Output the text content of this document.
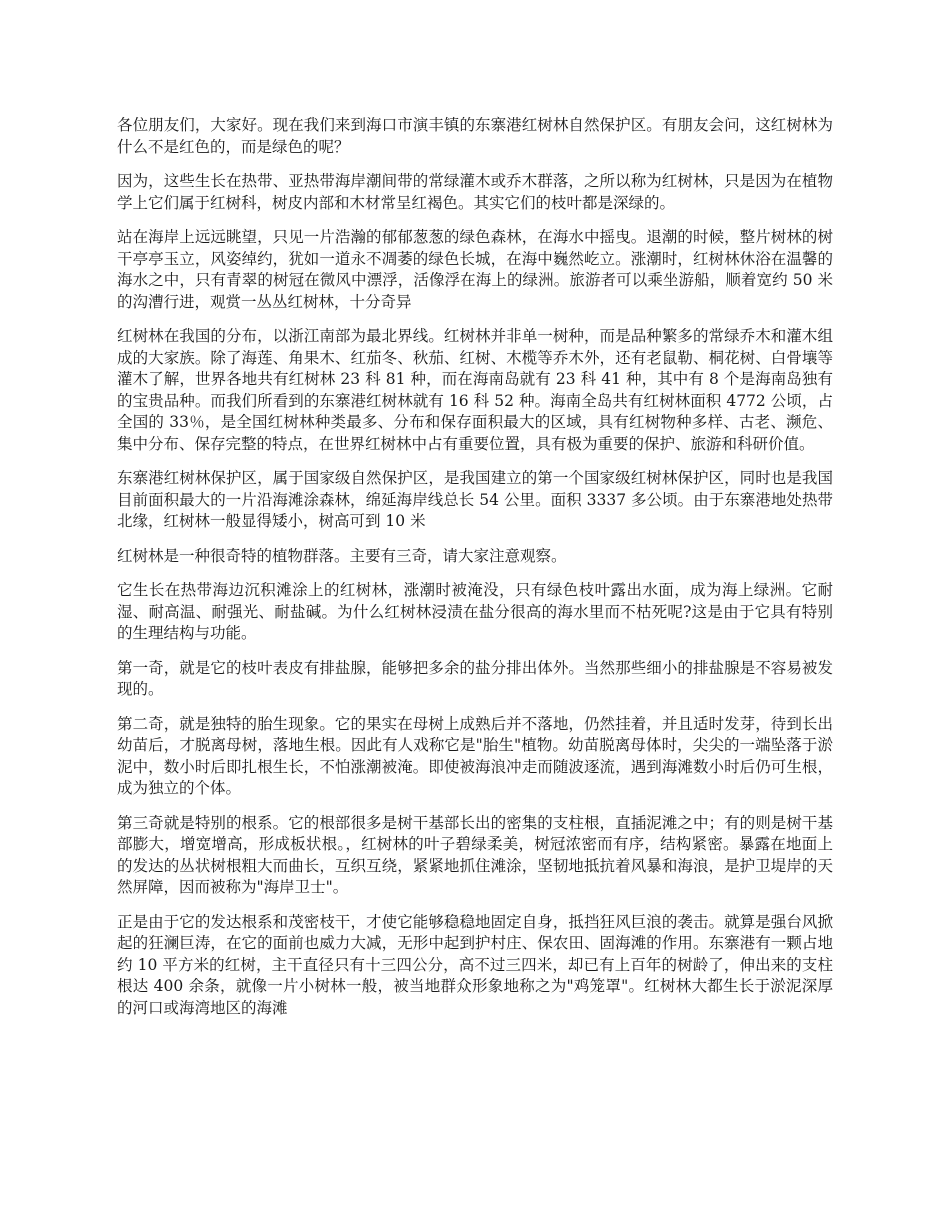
各位朋友们，大家好。现在我们来到海口市演丰镇的东寨港红树林自然保护区。有朋友会问，这红树林为什么不是红色的，而是绿色的呢？

因为，这些生长在热带、亚热带海岸潮间带的常绿灌木或乔木群落，之所以称为红树林，只是因为在植物学上它们属于红树科，树皮内部和木材常呈红褐色。其实它们的枝叶都是深绿的。

站在海岸上远远眺望，只见一片浩瀚的郁郁葱葱的绿色森林，在海水中摇曳。退潮的时候，整片树林的树干亭亭玉立，风姿绰约，犹如一道永不凋萎的绿色长城，在海中巍然屹立。涨潮时，红树林休浴在温馨的海水之中，只有青翠的树冠在微风中漂浮，活像浮在海上的绿洲。旅游者可以乘坐游船，顺着宽约 50 米的沟漕行进，观赏一丛丛红树林，十分奇异

红树林在我国的分布，以浙江南部为最北界线。红树林并非单一树种，而是品种繁多的常绿乔木和灌木组成的大家族。除了海莲、角果木、红茄冬、秋茄、红树、木榄等乔木外，还有老鼠勒、桐花树、白骨壤等灌木了解，世界各地共有红树林 23 科 81 种，而在海南岛就有 23 科 41 种，其中有 8 个是海南岛独有的宝贵品种。而我们所看到的东寨港红树林就有 16 科 52 种。海南全岛共有红树林面积 4772 公顷，占全国的 33％，是全国红树林种类最多、分布和保存面积最大的区域，具有红树物种多样、古老、濒危、集中分布、保存完整的特点，在世界红树林中占有重要位置，具有极为重要的保护、旅游和科研价值。

东寨港红树林保护区，属于国家级自然保护区，是我国建立的第一个国家级红树林保护区，同时也是我国目前面积最大的一片沿海滩涂森林，绵延海岸线总长 54 公里。面积 3337 多公顷。由于东寨港地处热带北缘，红树林一般显得矮小，树高可到 10 米

红树林是一种很奇特的植物群落。主要有三奇，请大家注意观察。

它生长在热带海边沉积滩涂上的红树林，涨潮时被淹没，只有绿色枝叶露出水面，成为海上绿洲。它耐湿、耐高温、耐强光、耐盐碱。为什么红树林浸渍在盐分很高的海水里而不枯死呢?这是由于它具有特别的生理结构与功能。

第一奇，就是它的枝叶表皮有排盐腺，能够把多余的盐分排出体外。当然那些细小的排盐腺是不容易被发现的。

第二奇，就是独特的胎生现象。它的果实在母树上成熟后并不落地，仍然挂着，并且适时发芽，待到长出幼苗后，才脱离母树，落地生根。因此有人戏称它是"胎生"植物。幼苗脱离母体时，尖尖的一端坠落于淤泥中，数小时后即扎根生长，不怕涨潮被淹。即使被海浪冲走而随波逐流，遇到海滩数小时后仍可生根，成为独立的个体。

第三奇就是特别的根系。它的根部很多是树干基部长出的密集的支柱根，直插泥滩之中；有的则是树干基部膨大，增宽增高，形成板状根。，红树林的叶子碧绿柔美，树冠浓密而有序，结构紧密。暴露在地面上的发达的丛状树根粗大而曲长，互织互绕，紧紧地抓住滩涂，坚韧地抵抗着风暴和海浪，是护卫堤岸的天然屏障，因而被称为"海岸卫士"。

正是由于它的发达根系和茂密枝干，才使它能够稳稳地固定自身，抵挡狂风巨浪的袭击。就算是强台风掀起的狂澜巨涛，在它的面前也威力大减，无形中起到护村庄、保农田、固海滩的作用。东寨港有一颗占地约 10 平方米的红树，主干直径只有十三四公分，高不过三四米，却已有上百年的树龄了，伸出来的支柱根达 400 余条，就像一片小树林一般，被当地群众形象地称之为"鸡笼罩"。红树林大都生长于淤泥深厚的河口或海湾地区的海滩
